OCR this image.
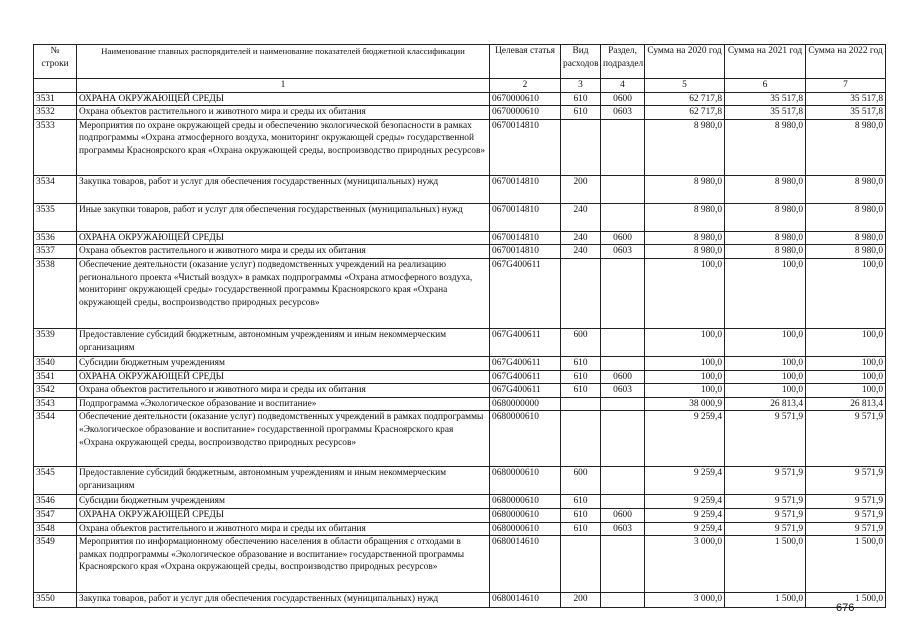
№ строки	Наименование главных распорядителей и наименование показателей бюджетной классификации	Целевая статья	Вид расходов	Раздел, подраздел	Сумма на 2020 год	Сумма на 2021 год	Сумма на 2022 год
	1	2	3	4	5	6	7
3531	ОХРАНА ОКРУЖАЮЩЕЙ СРЕДЫ	0670000610	610	0600	62 717,8	35 517,8	35 517,8
3532	Охрана объектов растительного и животного мира и среды их обитания	0670000610	610	0603	62 717,8	35 517,8	35 517,8
3533	Мероприятия по охране окружающей среды и обеспечению экологической безопасности в рамках подпрограммы «Охрана атмосферного воздуха, мониторинг окружающей среды» государственной программы Красноярского края «Охрана окружающей среды, воспроизводство природных ресурсов»	0670014810			8 980,0	8 980,0	8 980,0
3534	Закупка товаров, работ и услуг для обеспечения государственных (муниципальных) нужд	0670014810	200		8 980,0	8 980,0	8 980,0
3535	Иные закупки товаров, работ и услуг для обеспечения государственных (муниципальных) нужд	0670014810	240		8 980,0	8 980,0	8 980,0
3536	ОХРАНА ОКРУЖАЮЩЕЙ СРЕДЫ	0670014810	240	0600	8 980,0	8 980,0	8 980,0
3537	Охрана объектов растительного и животного мира и среды их обитания	0670014810	240	0603	8 980,0	8 980,0	8 980,0
3538	Обеспечение деятельности (оказание услуг) подведомственных учреждений на реализацию регионального проекта «Чистый воздух» в рамках подпрограммы «Охрана атмосферного воздуха, мониторинг окружающей среды» государственной программы Красноярского края «Охрана окружающей среды, воспроизводство природных ресурсов»	067G400611			100,0	100,0	100,0
3539	Предоставление субсидий бюджетным, автономным учреждениям и иным некоммерческим организациям	067G400611	600		100,0	100,0	100,0
3540	Субсидии бюджетным учреждениям	067G400611	610		100,0	100,0	100,0
3541	ОХРАНА ОКРУЖАЮЩЕЙ СРЕДЫ	067G400611	610	0600	100,0	100,0	100,0
3542	Охрана объектов растительного и животного мира и среды их обитания	067G400611	610	0603	100,0	100,0	100,0
3543	Подпрограмма «Экологическое образование и воспитание»	0680000000			38 000,9	26 813,4	26 813,4
3544	Обеспечение деятельности (оказание услуг) подведомственных учреждений в рамках подпрограммы «Экологическое образование и воспитание» государственной программы Красноярского края «Охрана окружающей среды, воспроизводство природных ресурсов»	0680000610			9 259,4	9 571,9	9 571,9
3545	Предоставление субсидий бюджетным, автономным учреждениям и иным некоммерческим организациям	0680000610	600		9 259,4	9 571,9	9 571,9
3546	Субсидии бюджетным учреждениям	0680000610	610		9 259,4	9 571,9	9 571,9
3547	ОХРАНА ОКРУЖАЮЩЕЙ СРЕДЫ	0680000610	610	0600	9 259,4	9 571,9	9 571,9
3548	Охрана объектов растительного и животного мира и среды их обитания	0680000610	610	0603	9 259,4	9 571,9	9 571,9
3549	Мероприятия по информационному обеспечению населения в области обращения с отходами в рамках подпрограммы «Экологическое образование и воспитание» государственной программы Красноярского края «Охрана окружающей среды, воспроизводство природных ресурсов»	0680014610			3 000,0	1 500,0	1 500,0
3550	Закупка товаров, работ и услуг для обеспечения государственных (муниципальных) нужд	0680014610	200		3 000,0	1 500,0	1 500,0
676
